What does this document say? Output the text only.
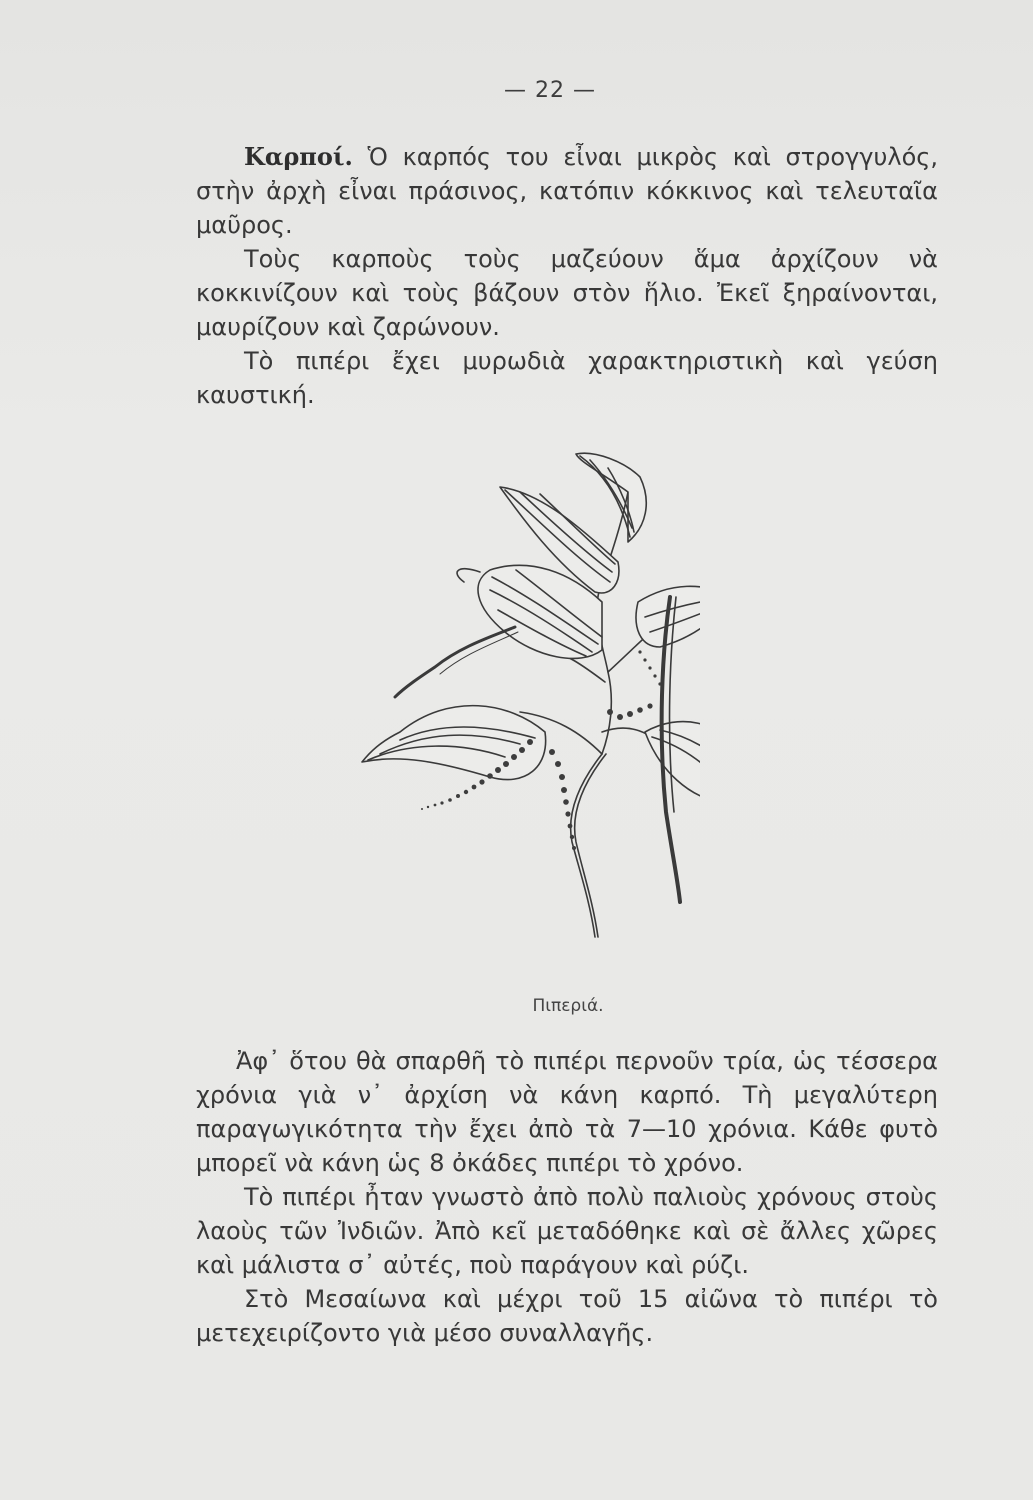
— 22 —

Καρποί. Ὁ καρπός του εἶναι μικρὸς καὶ στρογγυλός, στὴν ἀρχὴ εἶναι πράσινος, κατόπιν κόκκινος καὶ τελευταῖα μαῦρος.

Τοὺς καρποὺς τοὺς μαζεύουν ἅμα ἀρχίζουν νὰ κοκκινίζουν καὶ τοὺς βάζουν στὸν ἥλιο. Ἐκεῖ ξηραίνονται, μαυρίζουν καὶ ζαρώνουν.

Τὸ πιπέρι ἔχει μυρωδιὰ χαρακτηριστικὴ καὶ γεύση καυστική.

Πιπεριά.

Ἀφ᾽ ὅτου θὰ σπαρθῆ τὸ πιπέρι περνοῦν τρία, ὡς τέσσερα χρόνια γιὰ ν᾽ ἀρχίση νὰ κάνη καρπό. Τὴ μεγαλύτερη παραγωγικότητα τὴν ἔχει ἀπὸ τὰ 7—10 χρόνια. Κάθε φυτὸ μπορεῖ νὰ κάνη ὡς 8 ὀκάδες πιπέρι τὸ χρόνο.

Τὸ πιπέρι ἦταν γνωστὸ ἀπὸ πολὺ παλιοὺς χρόνους στοὺς λαοὺς τῶν Ἰνδιῶν. Ἀπὸ κεῖ μεταδόθηκε καὶ σὲ ἄλλες χῶρες καὶ μάλιστα σ᾽ αὐτές, ποὺ παράγουν καὶ ρύζι.

Στὸ Μεσαίωνα καὶ μέχρι τοῦ 15 αἰῶνα τὸ πιπέρι τὸ μετεχειρίζοντο γιὰ μέσο συναλλαγῆς.
